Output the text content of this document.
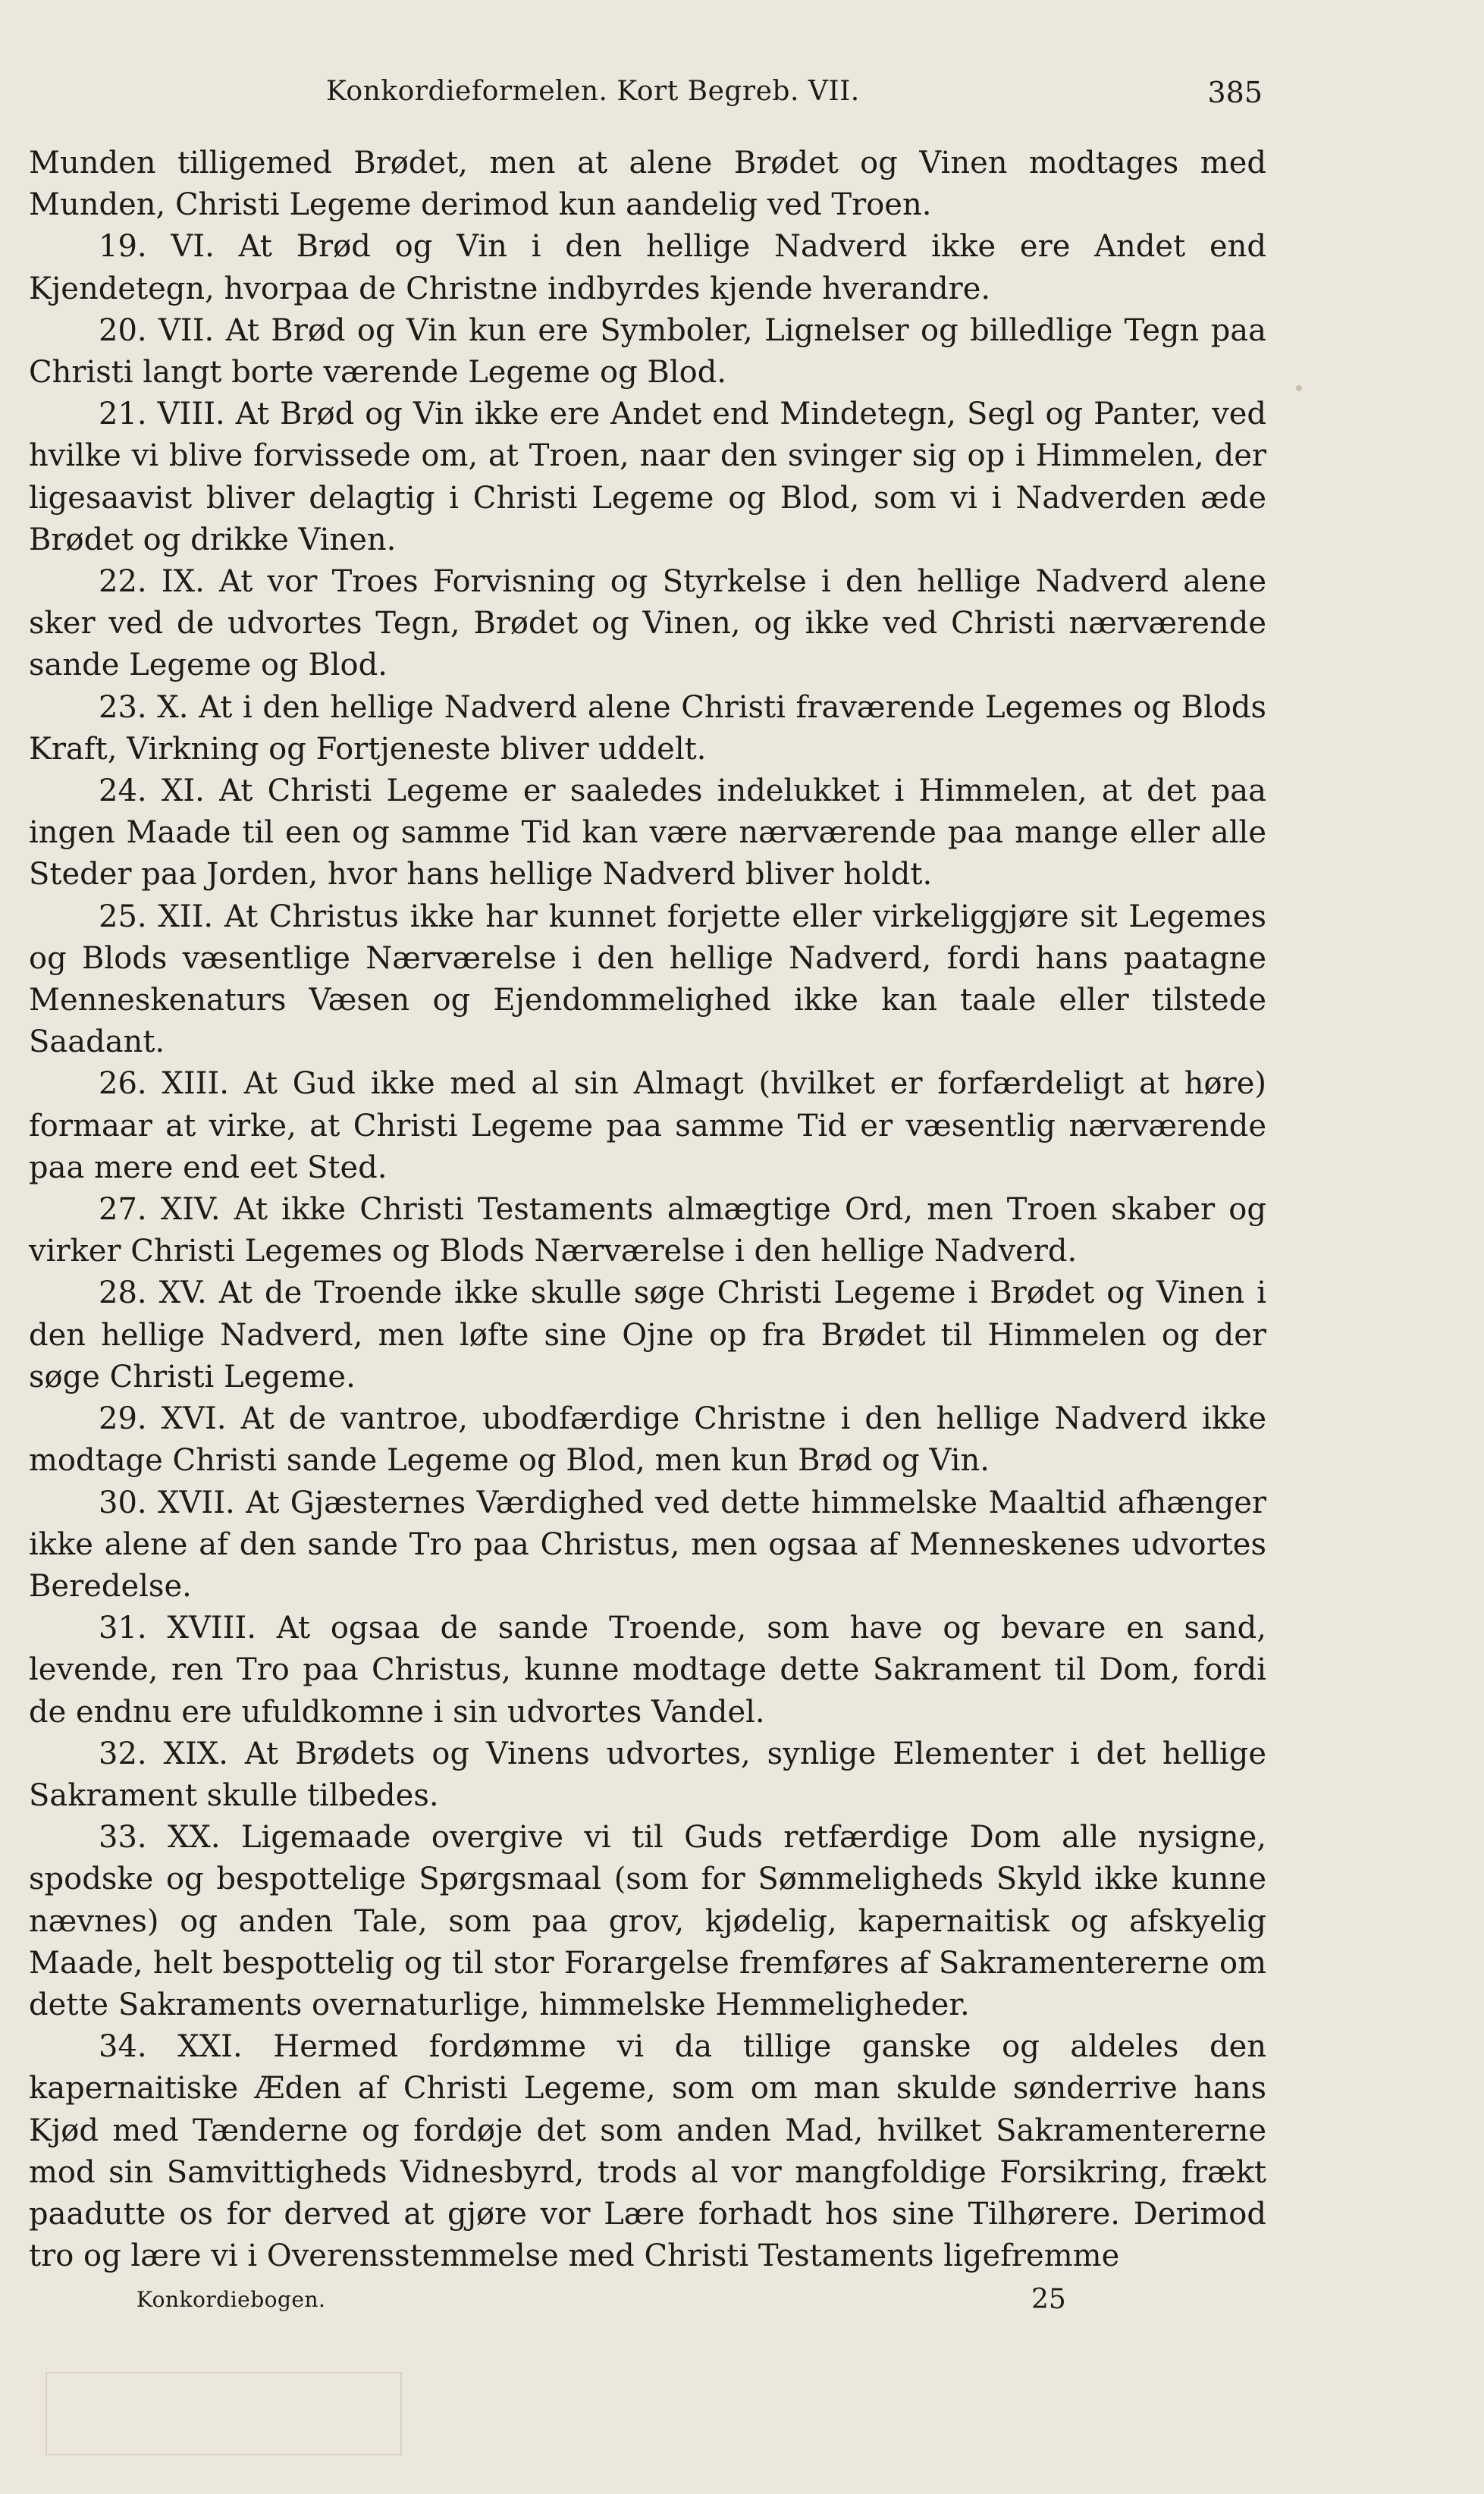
Konkordieformelen. Kort Begreb. VII.	385

Munden tilligemed Brødet, men at alene Brødet og Vinen modtages med Munden, Christi Legeme derimod kun aandelig ved Troen.

19. VI. At Brød og Vin i den hellige Nadverd ikke ere Andet end Kjendetegn, hvorpaa de Christne indbyrdes kjende hverandre.

20. VII. At Brød og Vin kun ere Symboler, Lignelser og billedlige Tegn paa Christi langt borte værende Legeme og Blod.

21. VIII. At Brød og Vin ikke ere Andet end Mindetegn, Segl og Panter, ved hvilke vi blive forvissede om, at Troen, naar den svinger sig op i Himmelen, der ligesaavist bliver delagtig i Christi Legeme og Blod, som vi i Nadverden æde Brødet og drikke Vinen.

22. IX. At vor Troes Forvisning og Styrkelse i den hellige Nadverd alene sker ved de udvortes Tegn, Brødet og Vinen, og ikke ved Christi nærværende sande Legeme og Blod.

23. X. At i den hellige Nadverd alene Christi fraværende Legemes og Blods Kraft, Virkning og Fortjeneste bliver uddelt.

24. XI. At Christi Legeme er saaledes indelukket i Himmelen, at det paa ingen Maade til een og samme Tid kan være nærværende paa mange eller alle Steder paa Jorden, hvor hans hellige Nadverd bliver holdt.

25. XII. At Christus ikke har kunnet forjette eller virkeliggjøre sit Legemes og Blods væsentlige Nærværelse i den hellige Nadverd, fordi hans paatagne Menneskenaturs Væsen og Ejendommelighed ikke kan taale eller tilstede Saadant.

26. XIII. At Gud ikke med al sin Almagt (hvilket er forfærdeligt at høre) formaar at virke, at Christi Legeme paa samme Tid er væsentlig nærværende paa mere end eet Sted.

27. XIV. At ikke Christi Testaments almægtige Ord, men Troen skaber og virker Christi Legemes og Blods Nærværelse i den hellige Nadverd.

28. XV. At de Troende ikke skulle søge Christi Legeme i Brødet og Vinen i den hellige Nadverd, men løfte sine Ojne op fra Brødet til Himmelen og der søge Christi Legeme.

29. XVI. At de vantroe, ubodfærdige Christne i den hellige Nadverd ikke modtage Christi sande Legeme og Blod, men kun Brød og Vin.

30. XVII. At Gjæsternes Værdighed ved dette himmelske Maaltid afhænger ikke alene af den sande Tro paa Christus, men ogsaa af Menneskenes udvortes Beredelse.

31. XVIII. At ogsaa de sande Troende, som have og bevare en sand, levende, ren Tro paa Christus, kunne modtage dette Sakrament til Dom, fordi de endnu ere ufuldkomne i sin udvortes Vandel.

32. XIX. At Brødets og Vinens udvortes, synlige Elementer i det hellige Sakrament skulle tilbedes.

33. XX. Ligemaade overgive vi til Guds retfærdige Dom alle nysigne, spodske og bespottelige Spørgsmaal (som for Sømmeligheds Skyld ikke kunne nævnes) og anden Tale, som paa grov, kjødelig, kapernaitisk og afskyelig Maade, helt bespottelig og til stor Forargelse fremføres af Sakramentererne om dette Sakraments overnaturlige, himmelske Hemmeligheder.

34. XXI. Hermed fordømme vi da tillige ganske og aldeles den kapernaitiske Æden af Christi Legeme, som om man skulde sønderrive hans Kjød med Tænderne og fordøje det som anden Mad, hvilket Sakramentererne mod sin Samvittigheds Vidnesbyrd, trods al vor mangfoldige Forsikring, frækt paadutte os for derved at gjøre vor Lære forhadt hos sine Tilhørere. Derimod tro og lære vi i Overensstemmelse med Christi Testaments ligefremme

Konkordiebogen.	25
